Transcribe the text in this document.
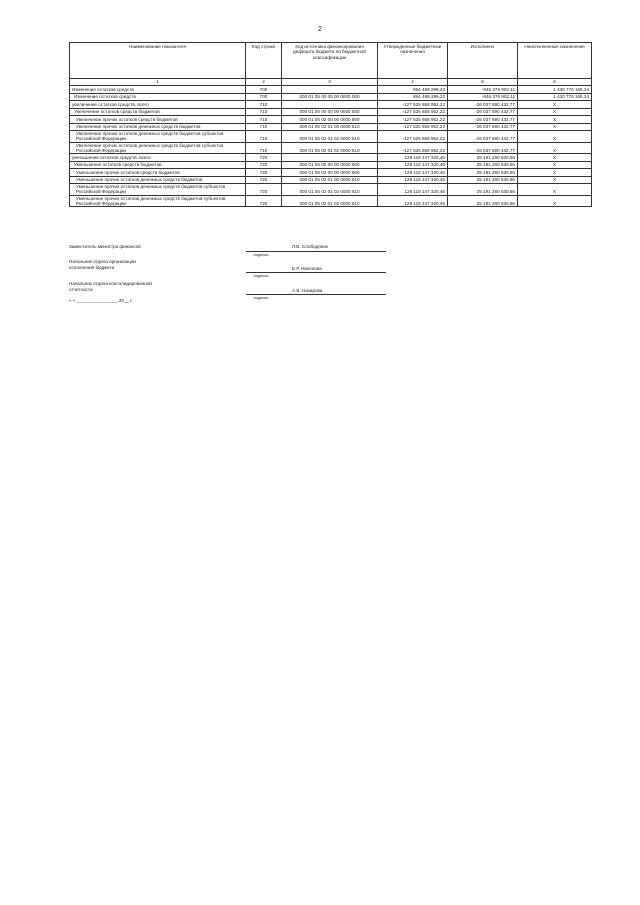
2
Наименование показателя	Код строки	Код источника финансирования дефицита бюджета по бюджетной классификации	Утвержденные бюджетные назначения	Исполнено	Неисполненные назначения
1	2	3	4	5	6
Изменение остатков средств	700		864 499 299,23	-846 376 902,11	1 430 776 165,34
Изменение остатков средств	700	000 01 05 00 00 00 0000 000	864 499 299,23	-846 376 902,11	1 430 776 165,34
увеличение остатков средств, всего	710		-127 525 658 952,22	-26 037 690 432,77	X
Увеличение остатков средств бюджетов	710	000 01 05 00 00 00 0000 500	-127 525 658 952,22	-26 037 690 432,77	X
Увеличение прочих остатков средств бюджетов	710	000 01 05 02 00 00 0000 500	-127 525 658 952,22	-26 037 690 432,77	X
Увеличение прочих остатков денежных средств бюджетов	710	000 01 05 02 01 00 0000 510	-127 525 658 952,22	-26 037 690 432,77	X
Увеличение прочих остатков денежных средств бюджетов субъектов Российской Федерации	710	000 01 05 02 01 02 0000 510	-127 525 658 952,22	-26 037 690 432,77	X
Увеличение прочих остатков денежных средств бюджетов субъектов Российской Федерации	710	000 01 05 02 01 02 0000 510	-127 525 658 952,22	-26 037 690 432,77	X
уменьшение остатков средств, всего	720		128 110 147 320,46	25 191 280 530,66	X
Уменьшение остатков средств бюджетов	720	000 01 05 00 00 00 0000 600	128 110 147 320,46	25 191 280 530,66	X
Уменьшение прочих остатков средств бюджетов	720	000 01 05 02 00 00 0000 600	128 110 147 320,46	25 191 280 530,66	X
Уменьшение прочих остатков денежных средств бюджетов	720	000 01 05 02 01 00 0000 610	128 110 147 320,46	25 191 280 530,66	X
Уменьшение прочих остатков денежных средств бюджетов субъектов Российской Федерации	720	000 01 05 02 01 02 0000 610	128 110 147 320,46	25 191 280 530,66	X
Уменьшение прочих остатков денежных средств бюджетов субъектов Российской Федерации	720	000 01 05 02 01 02 0000 610	128 110 147 320,46	25 191 280 530,66	X
Заместитель министра финансов	Л.В. Слободяник
подпись
Начальник отдела организации исполнения бюджета	Е.Р. Никонова
подпись
Начальник отдела консолидированной отчетности	А.В. Назарова
подпись
« » ________________ 20__ г.
